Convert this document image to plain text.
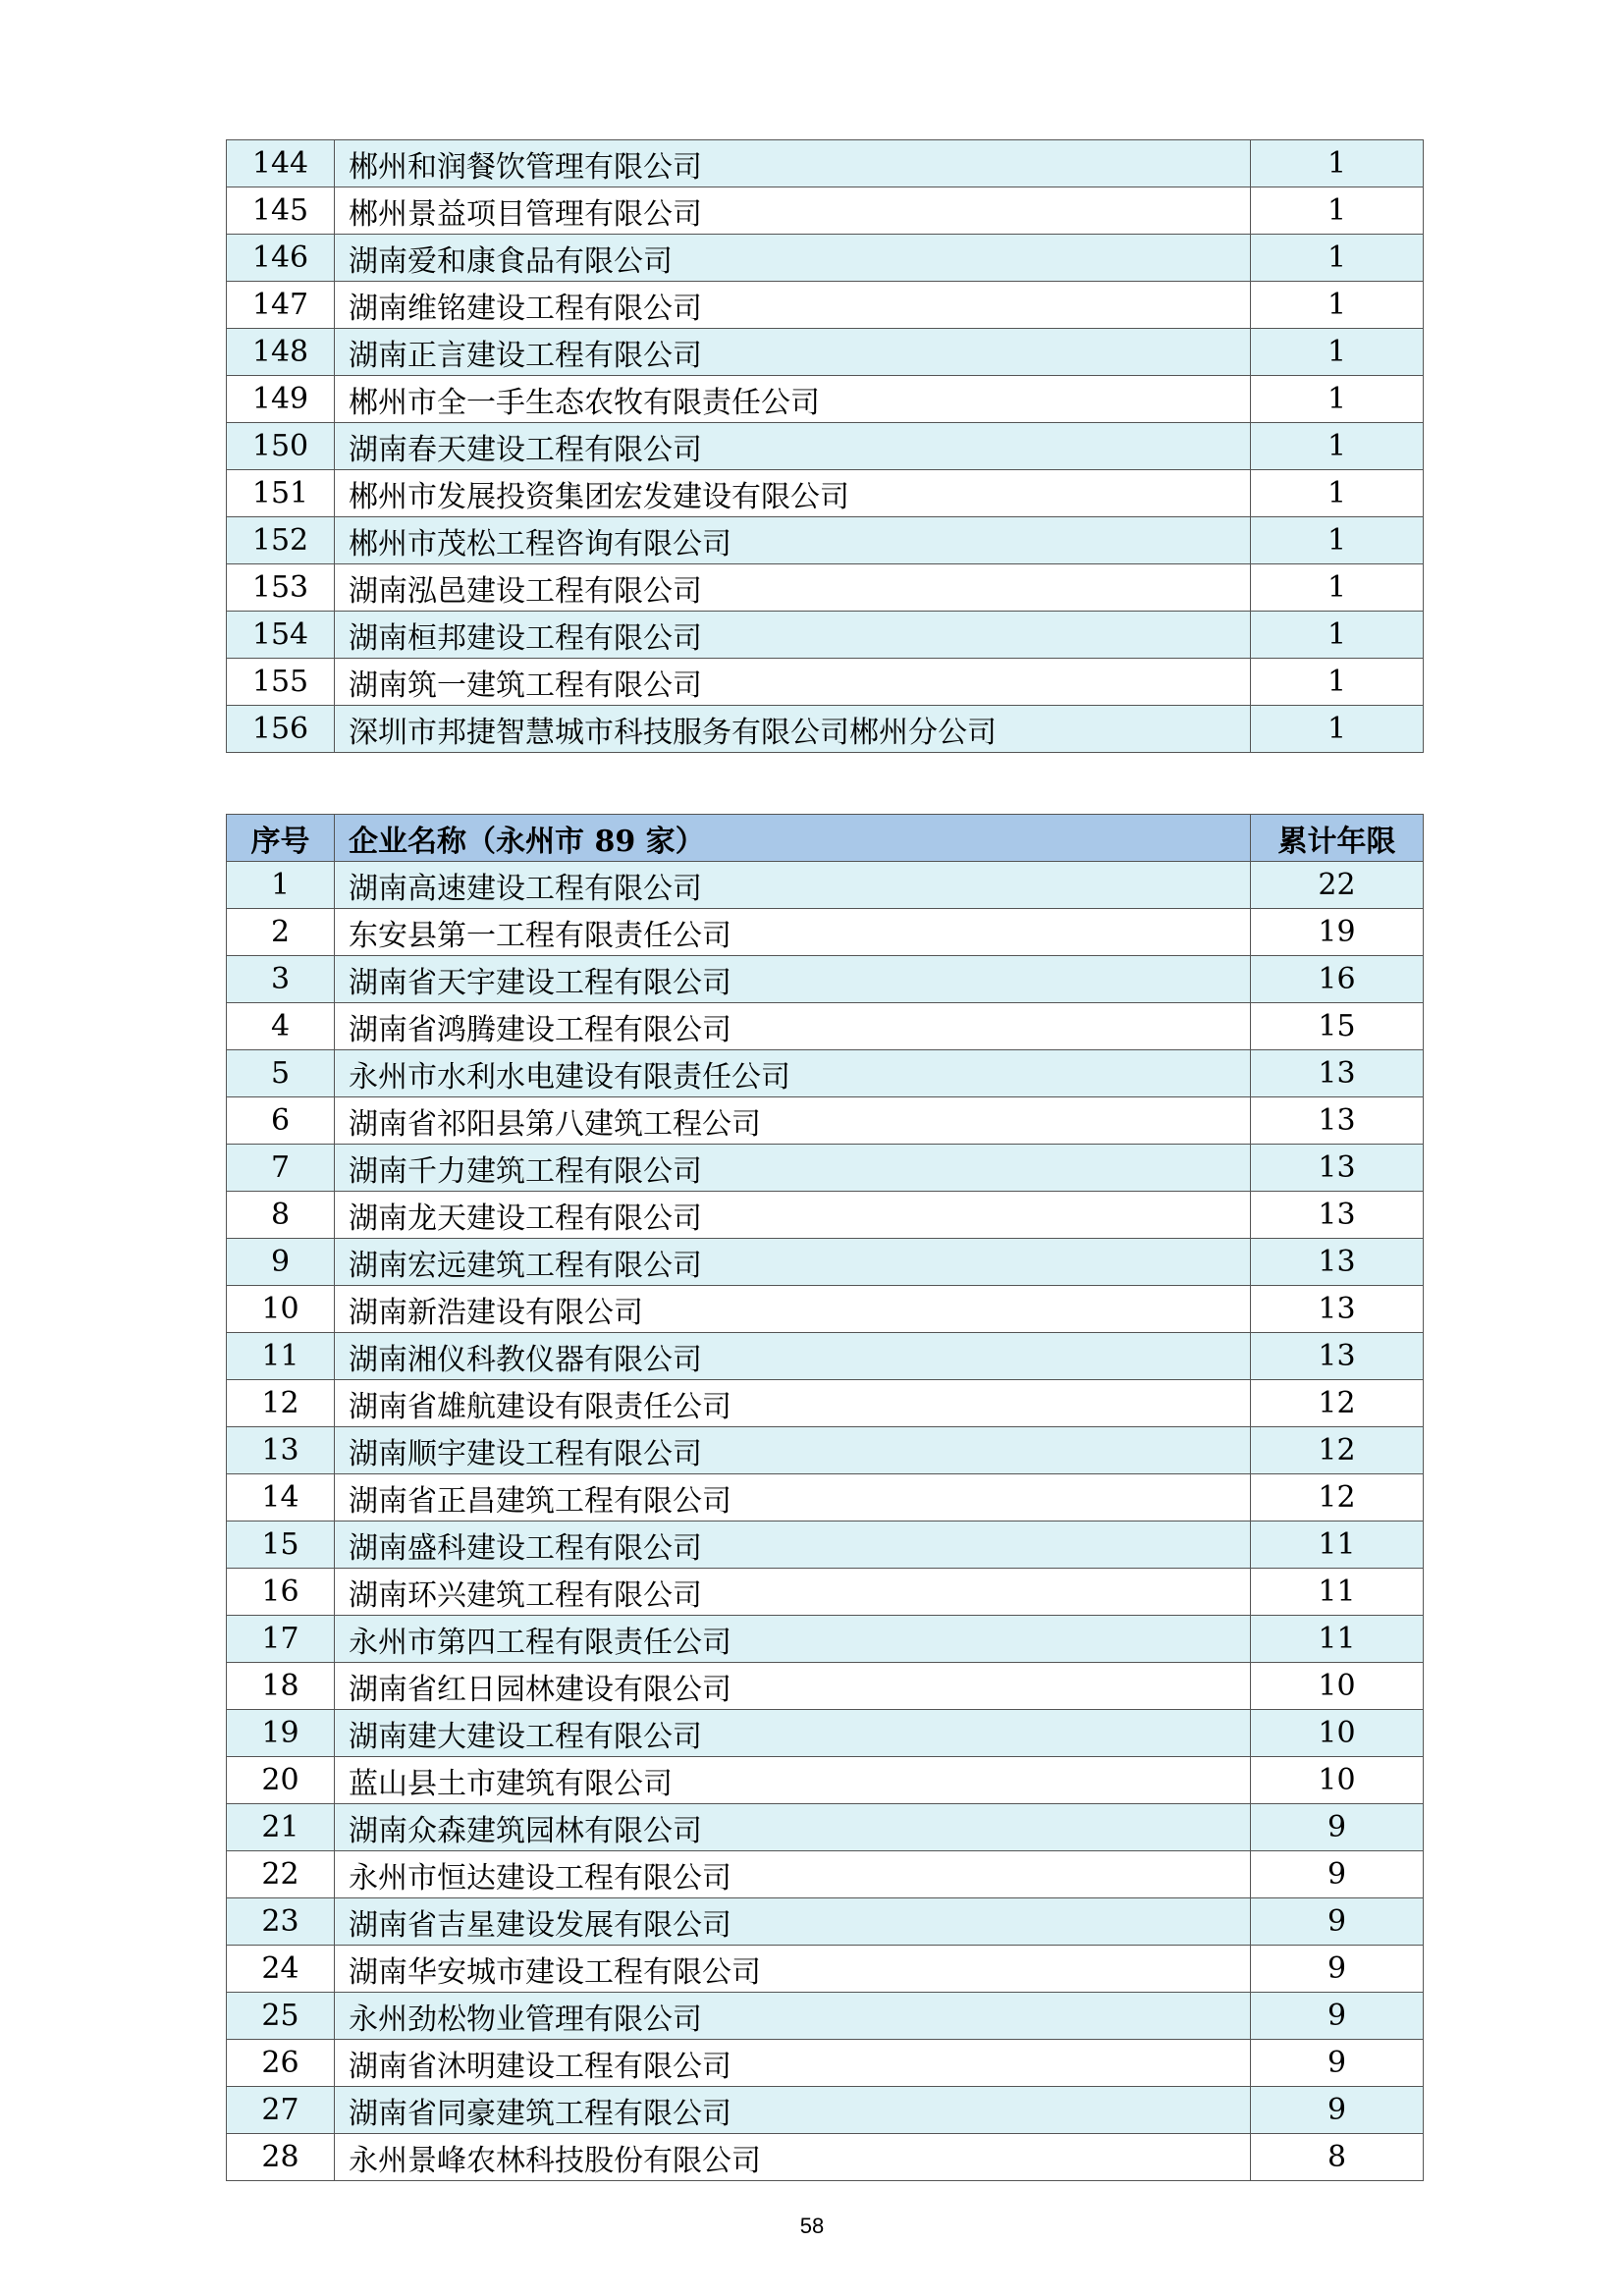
144	郴州和润餐饮管理有限公司	1
145	郴州景益项目管理有限公司	1
146	湖南爱和康食品有限公司	1
147	湖南维铭建设工程有限公司	1
148	湖南正言建设工程有限公司	1
149	郴州市全一手生态农牧有限责任公司	1
150	湖南春天建设工程有限公司	1
151	郴州市发展投资集团宏发建设有限公司	1
152	郴州市茂松工程咨询有限公司	1
153	湖南泓邑建设工程有限公司	1
154	湖南桓邦建设工程有限公司	1
155	湖南筑一建筑工程有限公司	1
156	深圳市邦捷智慧城市科技服务有限公司郴州分公司	1
序号	企业名称（永州市 89 家）	累计年限
1	湖南高速建设工程有限公司	22
2	东安县第一工程有限责任公司	19
3	湖南省天宇建设工程有限公司	16
4	湖南省鸿腾建设工程有限公司	15
5	永州市水利水电建设有限责任公司	13
6	湖南省祁阳县第八建筑工程公司	13
7	湖南千力建筑工程有限公司	13
8	湖南龙天建设工程有限公司	13
9	湖南宏远建筑工程有限公司	13
10	湖南新浩建设有限公司	13
11	湖南湘仪科教仪器有限公司	13
12	湖南省雄航建设有限责任公司	12
13	湖南顺宇建设工程有限公司	12
14	湖南省正昌建筑工程有限公司	12
15	湖南盛科建设工程有限公司	11
16	湖南环兴建筑工程有限公司	11
17	永州市第四工程有限责任公司	11
18	湖南省红日园林建设有限公司	10
19	湖南建大建设工程有限公司	10
20	蓝山县土市建筑有限公司	10
21	湖南众森建筑园林有限公司	9
22	永州市恒达建设工程有限公司	9
23	湖南省吉星建设发展有限公司	9
24	湖南华安城市建设工程有限公司	9
25	永州劲松物业管理有限公司	9
26	湖南省沐明建设工程有限公司	9
27	湖南省同豪建筑工程有限公司	9
28	永州景峰农林科技股份有限公司	8
58
